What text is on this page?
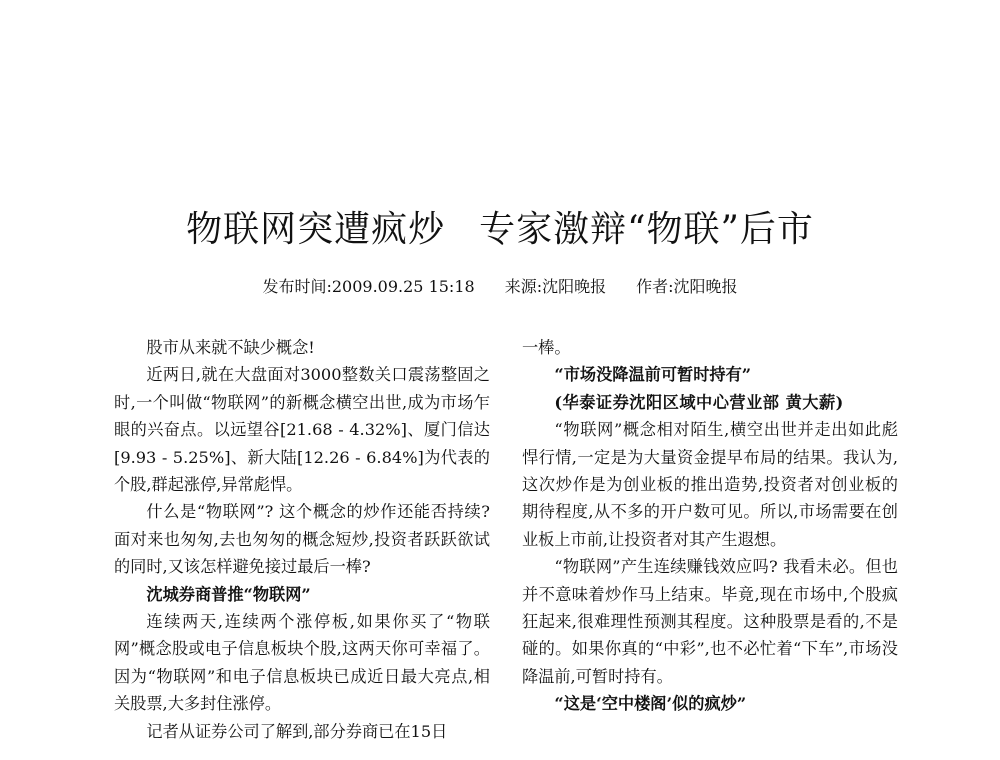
物联网突遭疯炒 专家激辩“物联”后市
发布时间:2009.09.25 15:18 来源:沈阳晚报 作者:沈阳晚报

股市从来就不缺少概念!

近两日,就在大盘面对3000整数关口震荡整固之时,一个叫做“物联网”的新概念横空出世,成为市场乍眼的兴奋点。以远望谷[21.68 - 4.32%]、厦门信达[9.93 - 5.25%]、新大陆[12.26 - 6.84%]为代表的个股,群起涨停,异常彪悍。

什么是“物联网”? 这个概念的炒作还能否持续? 面对来也匆匆,去也匆匆的概念短炒,投资者跃跃欲试的同时,又该怎样避免接过最后一棒?

沈城券商普推“物联网”

连续两天,连续两个涨停板,如果你买了“物联网”概念股或电子信息板块个股,这两天你可幸福了。因为“物联网”和电子信息板块已成近日最大亮点,相关股票,大多封住涨停。

记者从证券公司了解到,部分券商已在15日

一棒。

“市场没降温前可暂时持有”

(华泰证券沈阳区域中心营业部 黄大薪)

“物联网”概念相对陌生,横空出世并走出如此彪悍行情,一定是为大量资金提早布局的结果。我认为,这次炒作是为创业板的推出造势,投资者对创业板的期待程度,从不多的开户数可见。所以,市场需要在创业板上市前,让投资者对其产生遐想。

“物联网”产生连续赚钱效应吗? 我看未必。但也并不意味着炒作马上结束。毕竟,现在市场中,个股疯狂起来,很难理性预测其程度。这种股票是看的,不是碰的。如果你真的“中彩”,也不必忙着“下车”,市场没降温前,可暂时持有。

“这是‘空中楼阁’似的疯炒”
